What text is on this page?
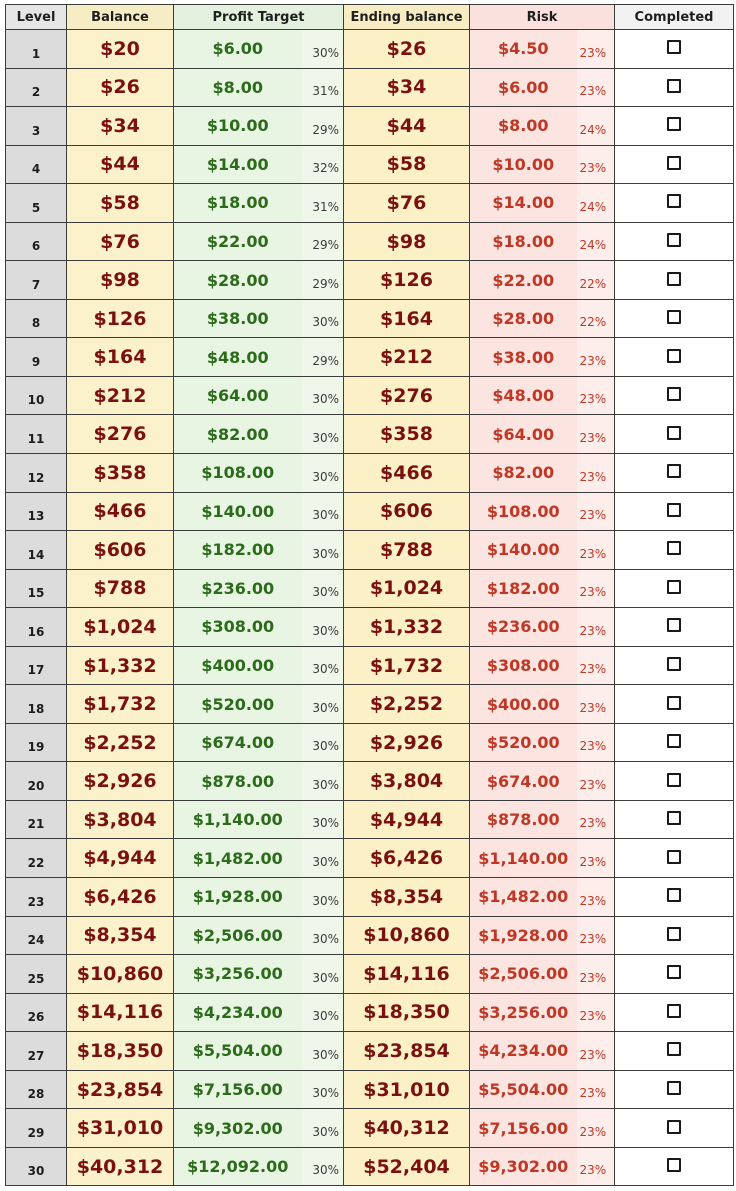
Level	Balance	Profit Target		Ending balance	Risk		Completed
1	$20	$6.00	30%	$26	$4.50	23%	
2	$26	$8.00	31%	$34	$6.00	23%	
3	$34	$10.00	29%	$44	$8.00	24%	
4	$44	$14.00	32%	$58	$10.00	23%	
5	$58	$18.00	31%	$76	$14.00	24%	
6	$76	$22.00	29%	$98	$18.00	24%	
7	$98	$28.00	29%	$126	$22.00	22%	
8	$126	$38.00	30%	$164	$28.00	22%	
9	$164	$48.00	29%	$212	$38.00	23%	
10	$212	$64.00	30%	$276	$48.00	23%	
11	$276	$82.00	30%	$358	$64.00	23%	
12	$358	$108.00	30%	$466	$82.00	23%	
13	$466	$140.00	30%	$606	$108.00	23%	
14	$606	$182.00	30%	$788	$140.00	23%	
15	$788	$236.00	30%	$1,024	$182.00	23%	
16	$1,024	$308.00	30%	$1,332	$236.00	23%	
17	$1,332	$400.00	30%	$1,732	$308.00	23%	
18	$1,732	$520.00	30%	$2,252	$400.00	23%	
19	$2,252	$674.00	30%	$2,926	$520.00	23%	
20	$2,926	$878.00	30%	$3,804	$674.00	23%	
21	$3,804	$1,140.00	30%	$4,944	$878.00	23%	
22	$4,944	$1,482.00	30%	$6,426	$1,140.00	23%	
23	$6,426	$1,928.00	30%	$8,354	$1,482.00	23%	
24	$8,354	$2,506.00	30%	$10,860	$1,928.00	23%	
25	$10,860	$3,256.00	30%	$14,116	$2,506.00	23%	
26	$14,116	$4,234.00	30%	$18,350	$3,256.00	23%	
27	$18,350	$5,504.00	30%	$23,854	$4,234.00	23%	
28	$23,854	$7,156.00	30%	$31,010	$5,504.00	23%	
29	$31,010	$9,302.00	30%	$40,312	$7,156.00	23%	
30	$40,312	$12,092.00	30%	$52,404	$9,302.00	23%	
